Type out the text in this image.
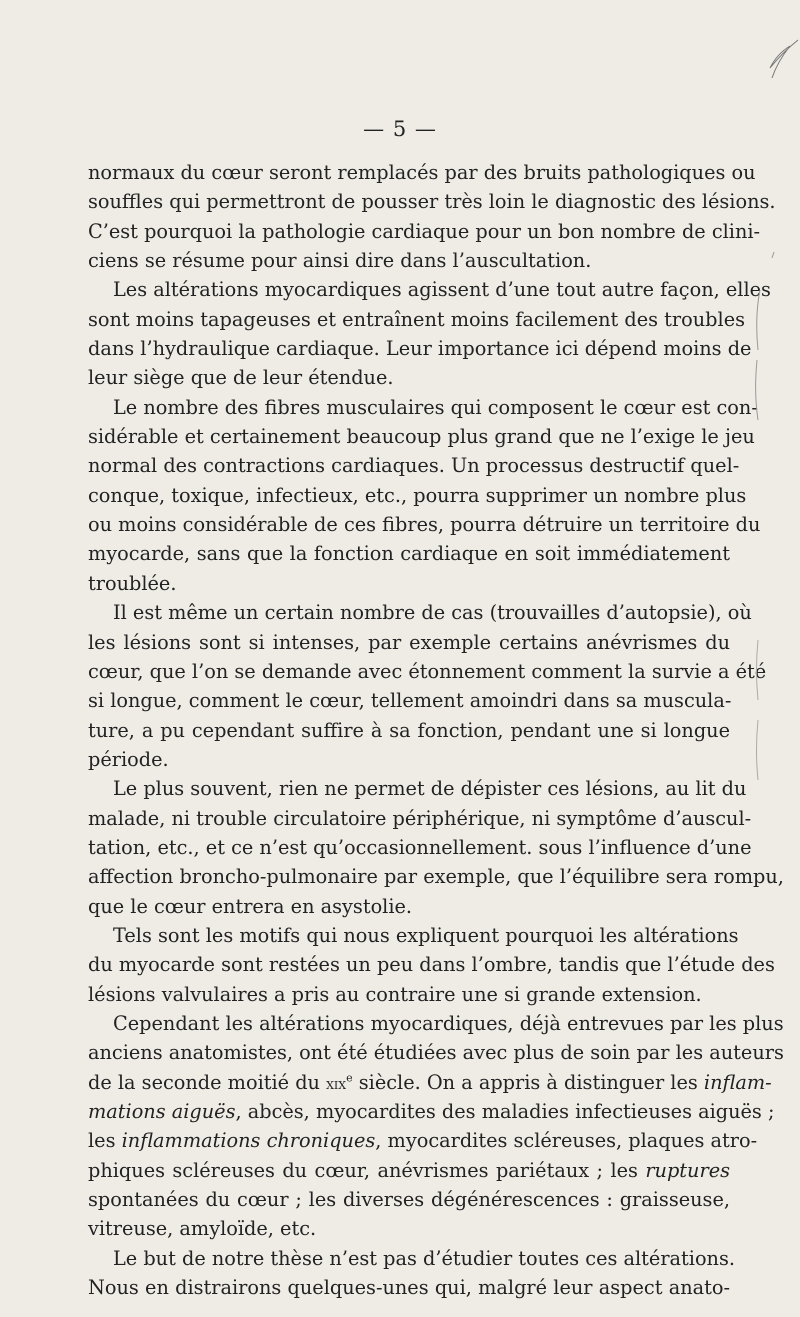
— 5 —
normaux du cœur seront remplacés par des bruits pathologiques ou
souffles qui permettront de pousser très loin le diagnostic des lésions.
C’est pourquoi la pathologie cardiaque pour un bon nombre de clini-
ciens se résume pour ainsi dire dans l’auscultation.
Les altérations myocardiques agissent d’une tout autre façon, elles
sont moins tapageuses et entraînent moins facilement des troubles
dans l’hydraulique cardiaque. Leur importance ici dépend moins de
leur siège que de leur étendue.
Le nombre des fibres musculaires qui composent le cœur est con-
sidérable et certainement beaucoup plus grand que ne l’exige le jeu
normal des contractions cardiaques. Un processus destructif quel-
conque, toxique, infectieux, etc., pourra supprimer un nombre plus
ou moins considérable de ces fibres, pourra détruire un territoire du
myocarde, sans que la fonction cardiaque en soit immédiatement
troublée.
Il est même un certain nombre de cas (trouvailles d’autopsie), où
les lésions sont si intenses, par exemple certains anévrismes du
cœur, que l’on se demande avec étonnement comment la survie a été
si longue, comment le cœur, tellement amoindri dans sa muscula-
ture, a pu cependant suffire à sa fonction, pendant une si longue
période.
Le plus souvent, rien ne permet de dépister ces lésions, au lit du
malade, ni trouble circulatoire périphérique, ni symptôme d’auscul-
tation, etc., et ce n’est qu’occasionnellement. sous l’influence d’une
affection broncho-pulmonaire par exemple, que l’équilibre sera rompu,
que le cœur entrera en asystolie.
Tels sont les motifs qui nous expliquent pourquoi les altérations
du myocarde sont restées un peu dans l’ombre, tandis que l’étude des
lésions valvulaires a pris au contraire une si grande extension.
Cependant les altérations myocardiques, déjà entrevues par les plus
anciens anatomistes, ont été étudiées avec plus de soin par les auteurs
de la seconde moitié du xix$^e$ siècle. On a appris à distinguer les inflam-
mations aiguës, abcès, myocardites des maladies infectieuses aiguës ;
les inflammations chroniques, myocardites scléreuses, plaques atro-
phiques scléreuses du cœur, anévrismes pariétaux ; les ruptures
spontanées du cœur ; les diverses dégénérescences : graisseuse,
vitreuse, amyloïde, etc.
Le but de notre thèse n’est pas d’étudier toutes ces altérations.
Nous en distrairons quelques-unes qui, malgré leur aspect anato-
